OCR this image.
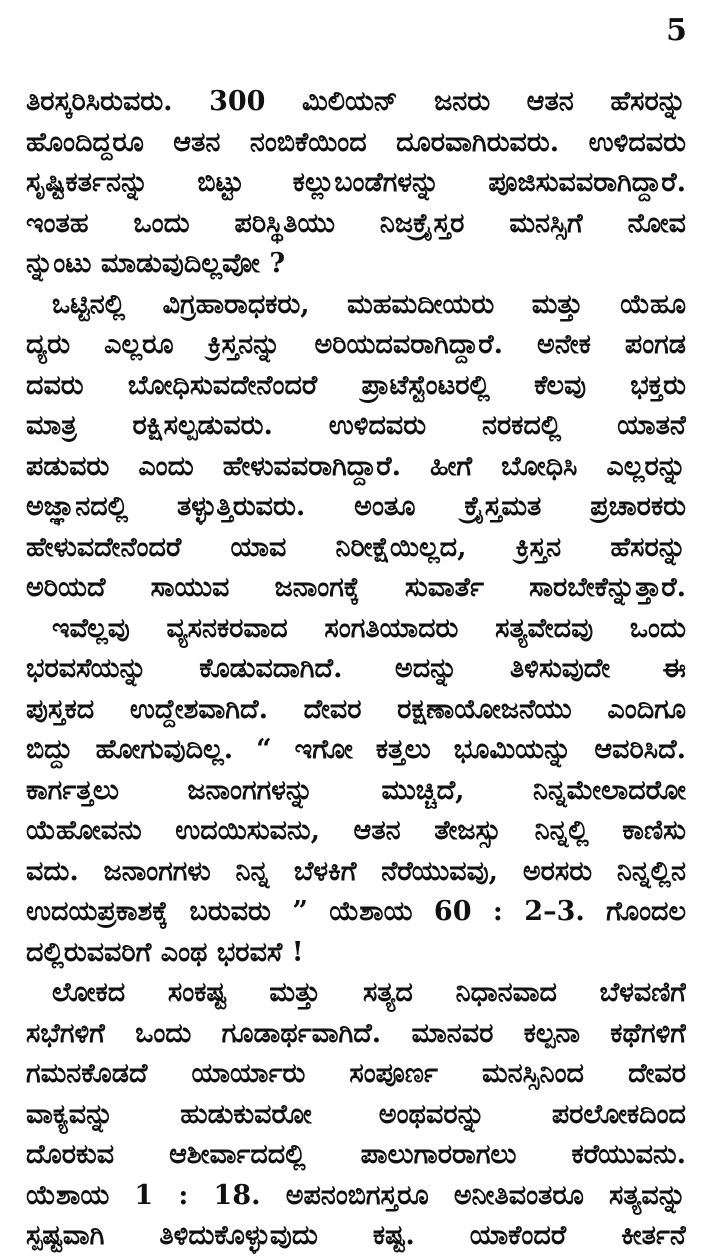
5
ತಿರಸ್ಕರಿಸಿರುವರು. 300 ಮಿಲಿಯನ್ ಜನರು ಆತನ ಹೆಸರನ್ನು
ಹೊಂದಿದ್ದರೂ ಆತನ ನಂಬಿಕೆಯಿಂದ ದೂರವಾಗಿರುವರು. ಉಳಿದವರು
ಸೃಷ್ಟಿಕರ್ತನನ್ನು ಬಿಟ್ಟು ಕಲ್ಲುಬಂಡೆಗಳನ್ನು ಪೂಜಿಸುವವರಾಗಿದ್ದಾರೆ.
ಇಂತಹ ಒಂದು ಪರಿಸ್ಥಿತಿಯು ನಿಜಕ್ರೈಸ್ತರ ಮನಸ್ಸಿಗೆ ನೋವ
ನ್ನುಂಟು ಮಾಡುವುದಿಲ್ಲವೋ ?
ಒಟ್ಟಿನಲ್ಲಿ ವಿಗ್ರಹಾರಾಧಕರು, ಮಹಮದೀಯರು ಮತ್ತು ಯೆಹೂ
ದ್ಯರು ಎಲ್ಲರೂ ಕ್ರಿಸ್ತನನ್ನು ಅರಿಯದವರಾಗಿದ್ದಾರೆ. ಅನೇಕ ಪಂಗಡ
ದವರು ಬೋಧಿಸುವದೇನೆಂದರೆ ಪ್ರಾಟೆಸ್ಟೆಂಟರಲ್ಲಿ ಕೆಲವು ಭಕ್ತರು
ಮಾತ್ರ ರಕ್ಷಿಸಲ್ಪಡುವರು. ಉಳಿದವರು ನರಕದಲ್ಲಿ ಯಾತನೆ
ಪಡುವರು ಎಂದು ಹೇಳುವವರಾಗಿದ್ದಾರೆ. ಹೀಗೆ ಬೋಧಿಸಿ ಎಲ್ಲರನ್ನು
ಅಜ್ಞಾನದಲ್ಲಿ ತಳ್ಳುತ್ತಿರುವರು. ಅಂತೂ ಕ್ರೈಸ್ತಮತ ಪ್ರಚಾರಕರು
ಹೇಳುವದೇನೆಂದರೆ ಯಾವ ನಿರೀಕ್ಷೆಯಿಲ್ಲದ, ಕ್ರಿಸ್ತನ ಹೆಸರನ್ನು
ಅರಿಯದೆ ಸಾಯುವ ಜನಾಂಗಕ್ಕೆ ಸುವಾರ್ತೆ ಸಾರಬೇಕೆನ್ನುತ್ತಾರೆ.
ಇವೆಲ್ಲವು ವ್ಯಸನಕರವಾದ ಸಂಗತಿಯಾದರು ಸತ್ಯವೇದವು ಒಂದು
ಭರವಸೆಯನ್ನು ಕೊಡುವದಾಗಿದೆ. ಅದನ್ನು ತಿಳಿಸುವುದೇ ಈ
ಪುಸ್ತಕದ ಉದ್ದೇಶವಾಗಿದೆ. ದೇವರ ರಕ್ಷಣಾಯೋಜನೆಯು ಎಂದಿಗೂ
ಬಿದ್ದು ಹೋಗುವುದಿಲ್ಲ. “ ಇಗೋ ಕತ್ತಲು ಭೂಮಿಯನ್ನು ಆವರಿಸಿದೆ.
ಕಾರ್ಗತ್ತಲು ಜನಾಂಗಗಳನ್ನು ಮುಚ್ಚಿದೆ, ನಿನ್ನಮೇಲಾದರೋ
ಯೆಹೋವನು ಉದಯಿಸುವನು, ಆತನ ತೇಜಸ್ಸು ನಿನ್ನಲ್ಲಿ ಕಾಣಿಸು
ವದು. ಜನಾಂಗಗಳು ನಿನ್ನ ಬೆಳಕಿಗೆ ನೆರೆಯುವವು, ಅರಸರು ನಿನ್ನಲ್ಲಿನ
ಉದಯಪ್ರಕಾಶಕ್ಕೆ ಬರುವರು ” ಯೆಶಾಯ 60 : 2–3. ಗೊಂದಲ
ದಲ್ಲಿರುವವರಿಗೆ ಎಂಥ ಭರವಸೆ !
ಲೋಕದ ಸಂಕಷ್ಟ ಮತ್ತು ಸತ್ಯದ ನಿಧಾನವಾದ ಬೆಳವಣಿಗೆ
ಸಭೆಗಳಿಗೆ ಒಂದು ಗೂಡಾರ್ಥವಾಗಿದೆ. ಮಾನವರ ಕಲ್ಪನಾ ಕಥೆಗಳಿಗೆ
ಗಮನಕೊಡದೆ ಯಾರ್ಯಾರು ಸಂಪೂರ್ಣ ಮನಸ್ಸಿನಿಂದ ದೇವರ
ವಾಕ್ಯವನ್ನು ಹುಡುಕುವರೋ ಅಂಥವರನ್ನು ಪರಲೋಕದಿಂದ
ದೊರಕುವ ಆಶೀರ್ವಾದದಲ್ಲಿ ಪಾಲುಗಾರರಾಗಲು ಕರೆಯುವನು.
ಯೆಶಾಯ 1 : 18. ಅಪನಂಬಿಗಸ್ತರೂ ಅನೀತಿವಂತರೂ ಸತ್ಯವನ್ನು
ಸ್ಪಷ್ಟವಾಗಿ ತಿಳಿದುಕೊಳ್ಳುವುದು ಕಷ್ಟ. ಯಾಕೆಂದರೆ ಕೀರ್ತನೆ
